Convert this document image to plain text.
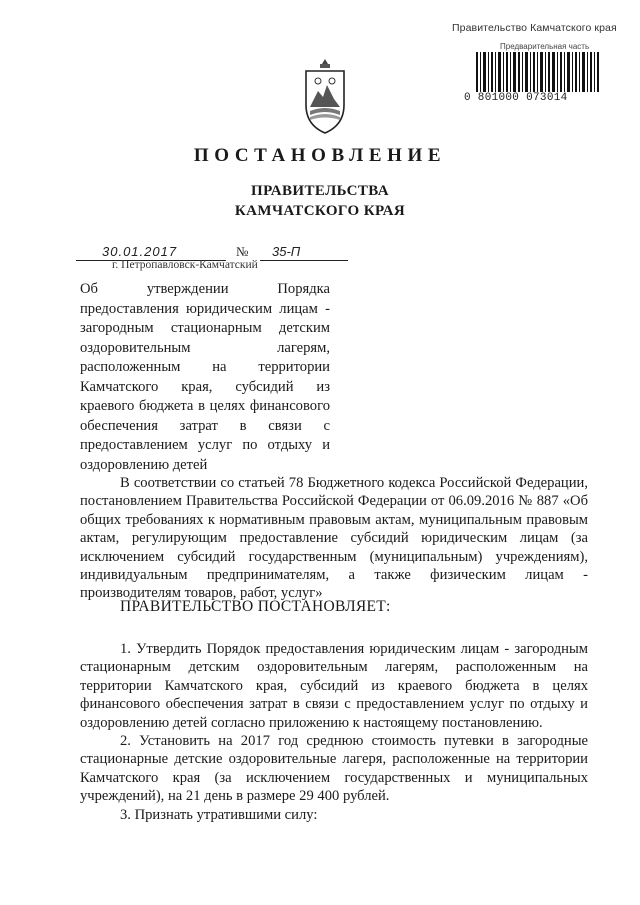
Правительство Камчатского края
Предварительная часть
0 801000 073014
ПОСТАНОВЛЕНИЕ
ПРАВИТЕЛЬСТВА
КАМЧАТСКОГО КРАЯ
30.01.2017	№ 35-П
г. Петропавловск-Камчатский
Об утверждении Порядка предоставления юридическим лицам - загородным стационарным детским оздоровительным лагерям, расположенным на территории Камчатского края, субсидий из краевого бюджета в целях финансового обеспечения затрат в связи с предоставлением услуг по отдыху и оздоровлению детей

В соответствии со статьей 78 Бюджетного кодекса Российской Федерации, постановлением Правительства Российской Федерации от 06.09.2016 № 887 «Об общих требованиях к нормативным правовым актам, муниципальным правовым актам, регулирующим предоставление субсидий юридическим лицам (за исключением субсидий государственным (муниципальным) учреждениям), индивидуальным предпринимателям, а также физическим лицам - производителям товаров, работ, услуг»

ПРАВИТЕЛЬСТВО ПОСТАНОВЛЯЕТ:

1. Утвердить Порядок предоставления юридическим лицам - загородным стационарным детским оздоровительным лагерям, расположенным на территории Камчатского края, субсидий из краевого бюджета в целях финансового обеспечения затрат в связи с предоставлением услуг по отдыху и оздоровлению детей согласно приложению к настоящему постановлению.

2. Установить на 2017 год среднюю стоимость путевки в загородные стационарные детские оздоровительные лагеря, расположенные на территории Камчатского края (за исключением государственных и муниципальных учреждений), на 21 день в размере 29 400 рублей.

3. Признать утратившими силу:
